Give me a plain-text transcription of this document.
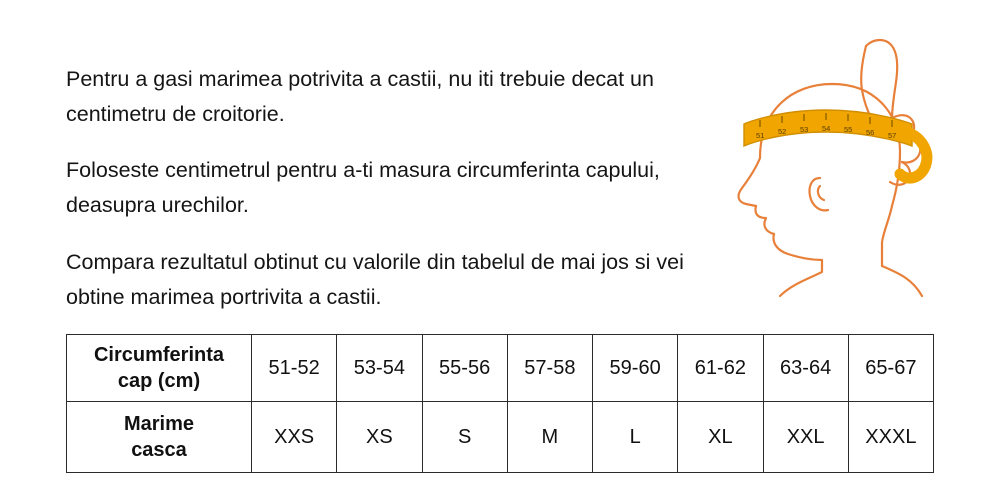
Pentru a gasi marimea potrivita a castii, nu iti trebuie decat un centimetru de croitorie.

Foloseste centimetrul pentru a-ti masura circumferinta capului, deasupra urechilor.

Compara rezultatul obtinut cu valorile din tabelul de mai jos si vei obtine marimea portrivita a castii.

51 52 53 54 55 56 57
Circumferinta
cap (cm)	51-52	53-54	55-56	57-58	59-60	61-62	63-64	65-67
Marime
casca	XXS	XS	S	M	L	XL	XXL	XXXL
